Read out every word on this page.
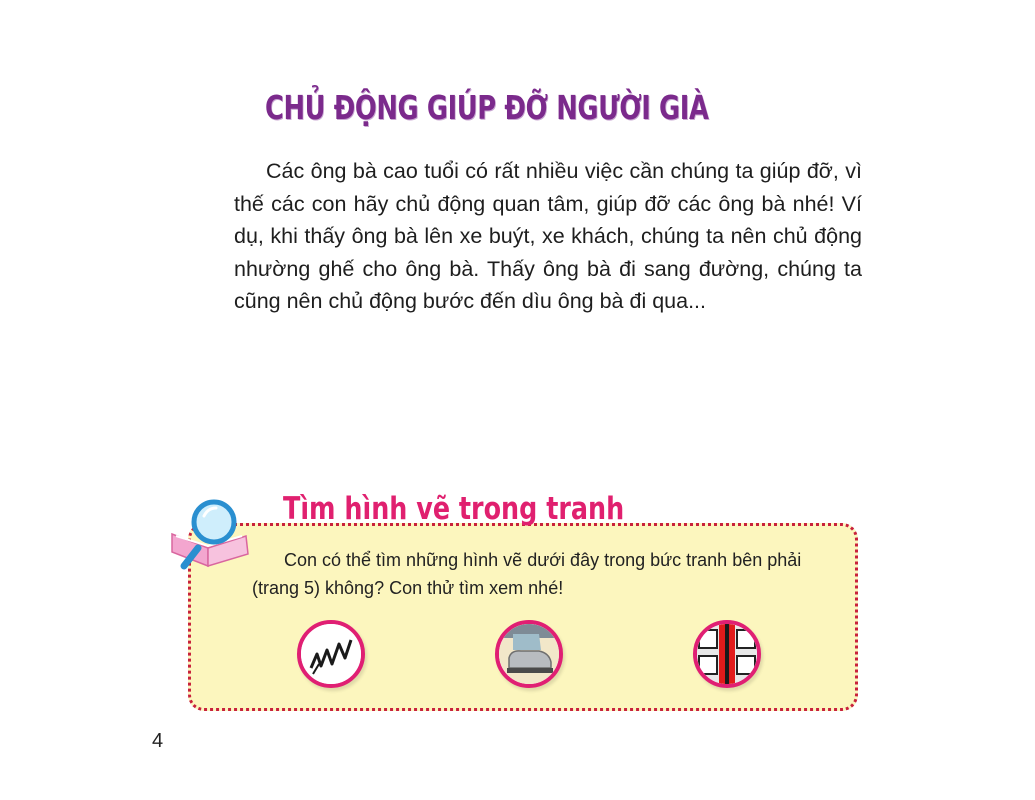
CHỦ ĐỘNG GIÚP ĐỠ NGƯỜI GIÀ

Các ông bà cao tuổi có rất nhiều việc cần chúng ta giúp đỡ, vì thế các con hãy chủ động quan tâm, giúp đỡ các ông bà nhé! Ví dụ, khi thấy ông bà lên xe buýt, xe khách, chúng ta nên chủ động nhường ghế cho ông bà. Thấy ông bà đi sang đường, chúng ta cũng nên chủ động bước đến dìu ông bà đi qua...

Tìm hình vẽ trong tranh

Con có thể tìm những hình vẽ dưới đây trong bức tranh bên phải (trang 5) không? Con thử tìm xem nhé!

4
